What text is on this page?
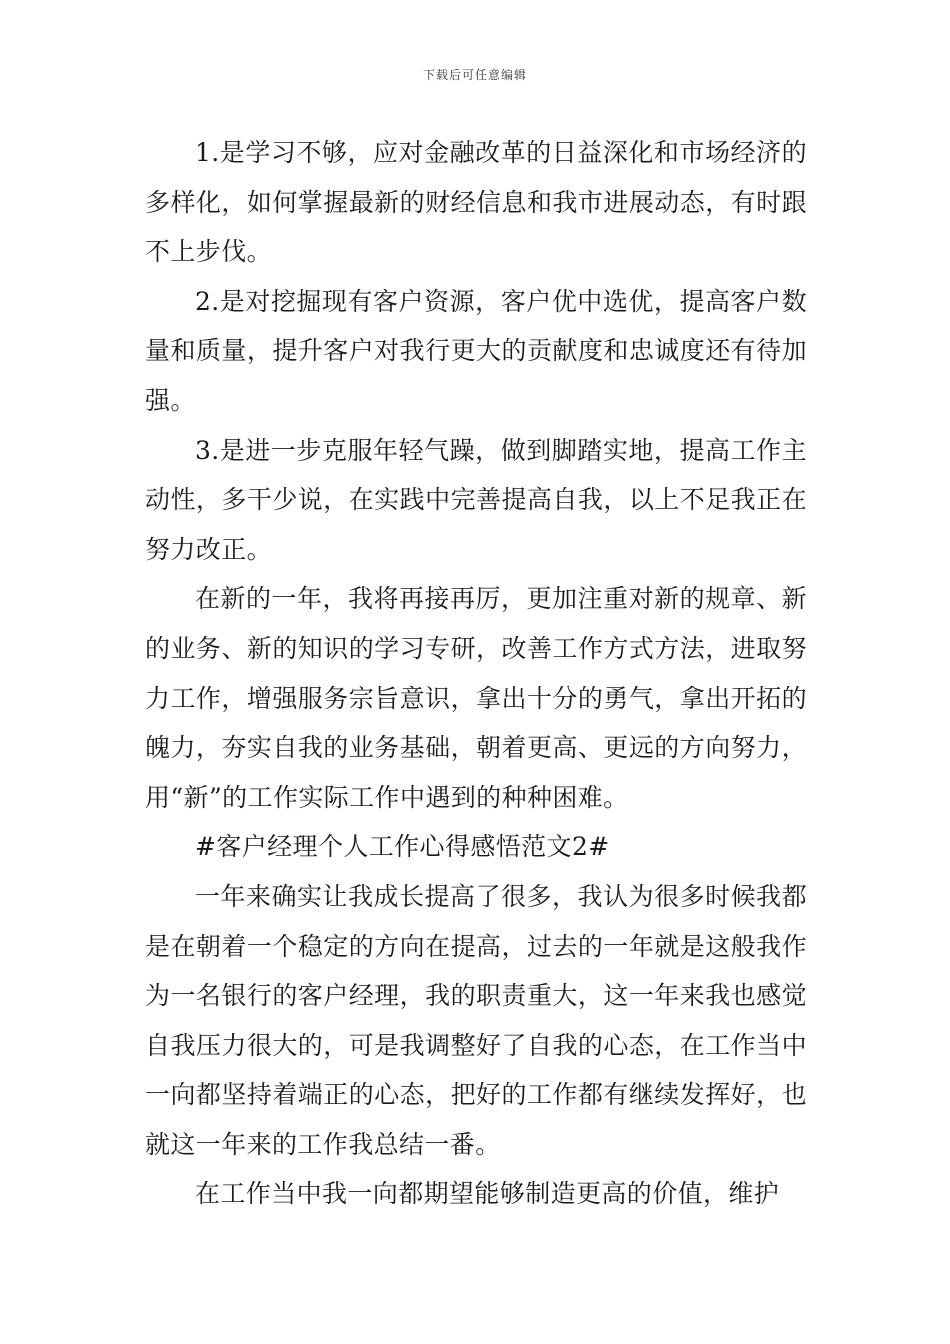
下载后可任意编辑

1.是学习不够，应对金融改革的日益深化和市场经济的多样化，如何掌握最新的财经信息和我市进展动态，有时跟不上步伐。

2.是对挖掘现有客户资源，客户优中选优，提高客户数量和质量，提升客户对我行更大的贡献度和忠诚度还有待加强。

3.是进一步克服年轻气躁，做到脚踏实地，提高工作主动性，多干少说，在实践中完善提高自我，以上不足我正在努力改正。

在新的一年，我将再接再厉，更加注重对新的规章、新的业务、新的知识的学习专研，改善工作方式方法，进取努力工作，增强服务宗旨意识，拿出十分的勇气，拿出开拓的魄力，夯实自我的业务基础，朝着更高、更远的方向努力，用“新”的工作实际工作中遇到的种种困难。

#客户经理个人工作心得感悟范文2#

一年来确实让我成长提高了很多，我认为很多时候我都是在朝着一个稳定的方向在提高，过去的一年就是这般我作为一名银行的客户经理，我的职责重大，这一年来我也感觉自我压力很大的，可是我调整好了自我的心态，在工作当中一向都坚持着端正的心态，把好的工作都有继续发挥好，也就这一年来的工作我总结一番。

在工作当中我一向都期望能够制造更高的价值，维护
